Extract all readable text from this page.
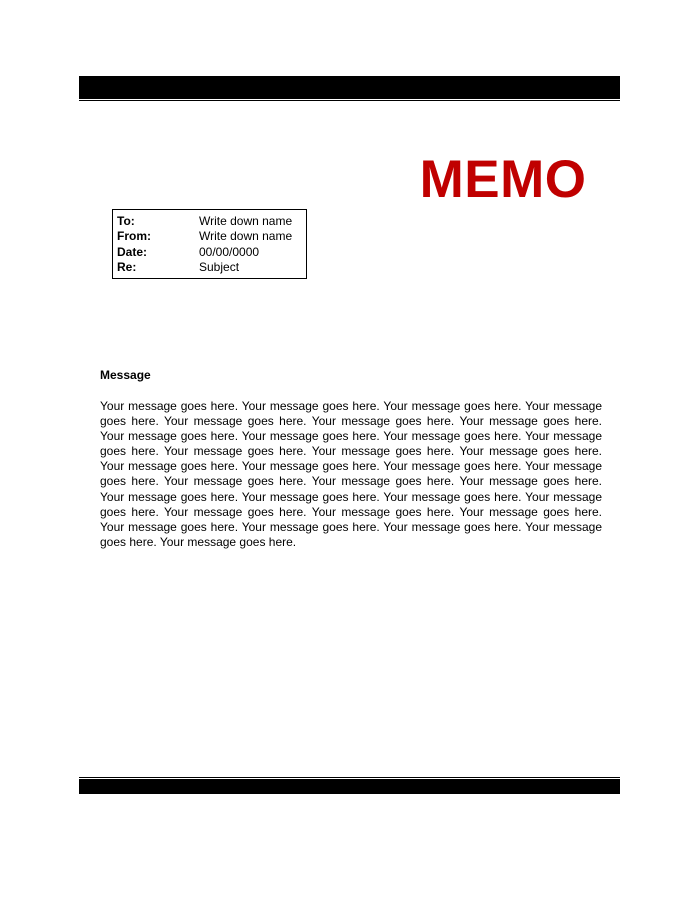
MEMO
To:	Write down name
From:	Write down name
Date:	00/00/0000
Re:	Subject
Message
Your message goes here. Your message goes here. Your message goes here. Your message goes here. Your message goes here. Your message goes here. Your message goes here. Your message goes here. Your message goes here. Your message goes here. Your message goes here. Your message goes here. Your message goes here. Your message goes here. Your message goes here. Your message goes here. Your message goes here. Your message goes here. Your message goes here. Your message goes here. Your message goes here. Your message goes here. Your message goes here. Your message goes here. Your message goes here. Your message goes here. Your message goes here. Your message goes here. Your message goes here. Your message goes here. Your message goes here. Your message goes here. Your message goes here.
